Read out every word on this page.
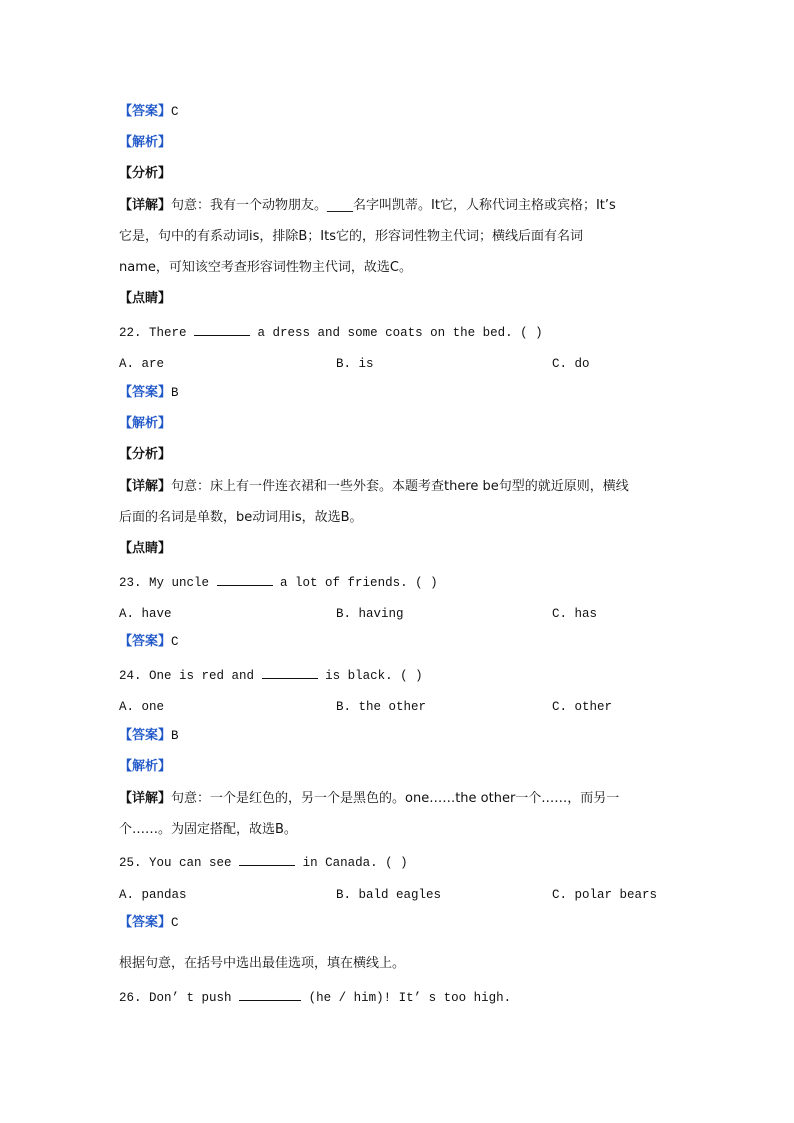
【答案】C
【解析】
【分析】
【详解】句意：我有一个动物朋友。____名字叫凯蒂。It它，人称代词主格或宾格；It’s
它是，句中的有系动词is，排除B；Its它的，形容词性物主代词；横线后面有名词
name，可知该空考查形容词性物主代词，故选C。
【点睛】
22. There	a dress and some coats on the bed. ( )
A. are	B. is	C. do
【答案】B
【解析】
【分析】
【详解】句意：床上有一件连衣裙和一些外套。本题考查there be句型的就近原则，横线
后面的名词是单数，be动词用is，故选B。
【点睛】
23. My uncle	a lot of friends. ( )
A. have	B. having	C. has
【答案】C
24. One is red and	is black. ( )
A. one	B. the other	C. other
【答案】B
【解析】
【详解】句意：一个是红色的，另一个是黑色的。one……the other一个……，而另一
个……。为固定搭配，故选B。
25. You can see	in Canada. ( )
A. pandas	B. bald eagles	C. polar bears
【答案】C
根据句意，在括号中选出最佳选项，填在横线上。
26. Don’ t push	(he / him)! It’ s too high.
